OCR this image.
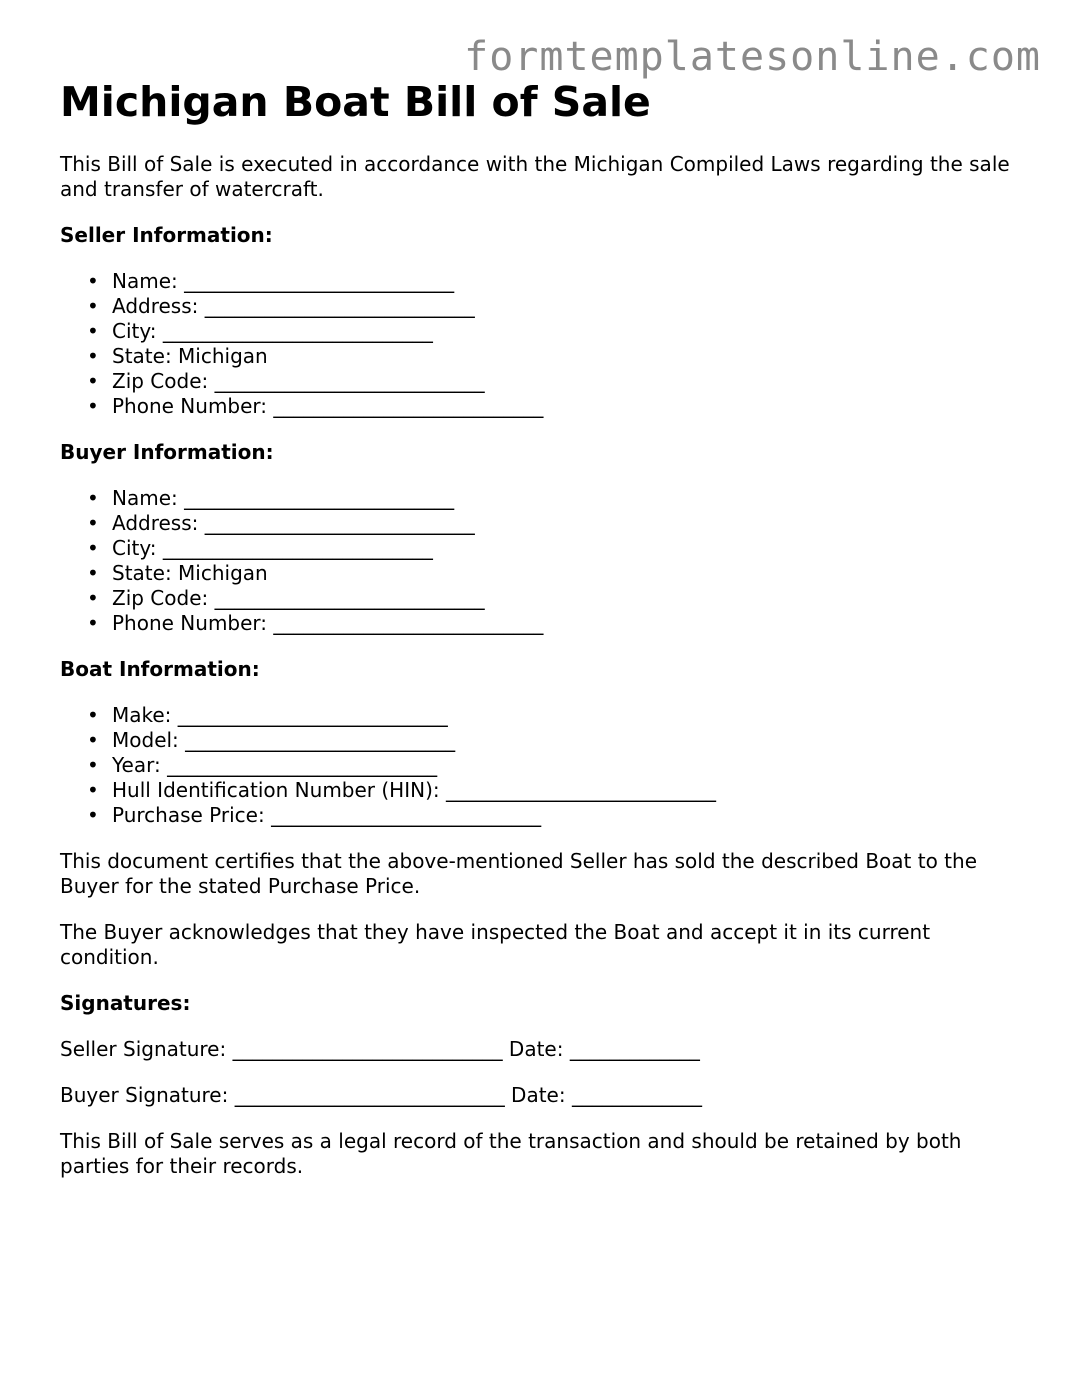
formtemplatesonline.com
Michigan Boat Bill of Sale

This Bill of Sale is executed in accordance with the Michigan Compiled Laws regarding the sale and transfer of watercraft.

Seller Information:
• Name: ___________________________
• Address: ___________________________
• City: ___________________________
• State: Michigan
• Zip Code: ___________________________
• Phone Number: ___________________________
Buyer Information:
• Name: ___________________________
• Address: ___________________________
• City: ___________________________
• State: Michigan
• Zip Code: ___________________________
• Phone Number: ___________________________
Boat Information:
• Make: ___________________________
• Model: ___________________________
• Year: ___________________________
• Hull Identification Number (HIN): ___________________________
• Purchase Price: ___________________________

This document certifies that the above-mentioned Seller has sold the described Boat to the Buyer for the stated Purchase Price.

The Buyer acknowledges that they have inspected the Boat and accept it in its current condition.

Signatures:
Seller Signature: ___________________________ Date: _____________
Buyer Signature: ___________________________ Date: _____________

This Bill of Sale serves as a legal record of the transaction and should be retained by both parties for their records.
